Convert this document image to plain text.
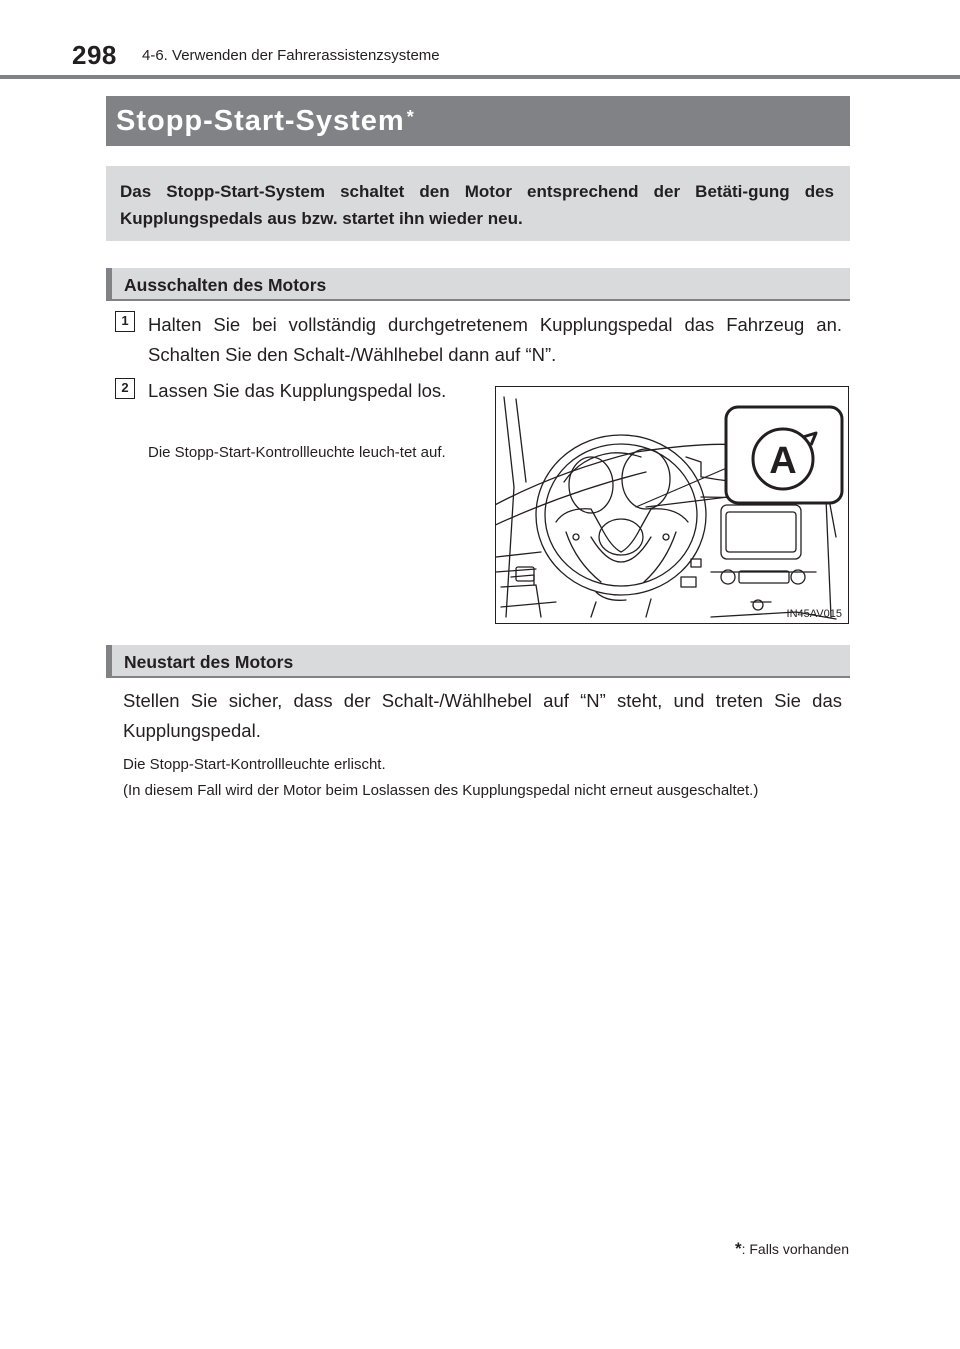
298 4-6. Verwenden der Fahrerassistenzsysteme
Stopp-Start-System *
Das Stopp-Start-System schaltet den Motor entsprechend der Betäti-gung des Kupplungspedals aus bzw. startet ihn wieder neu.
Ausschalten des Motors
1	Halten Sie bei vollständig durchgetretenem Kupplungspedal das Fahrzeug an. Schalten Sie den Schalt-/Wählhebel dann auf “N”.
2	Lassen Sie das Kupplungspedal los.
Die Stopp-Start-Kontrollleuchte leuch-tet auf.	A
IN45AV015
Neustart des Motors
Stellen Sie sicher, dass der Schalt-/Wählhebel auf “N” steht, und treten Sie das Kupplungspedal.
Die Stopp-Start-Kontrollleuchte erlischt.
(In diesem Fall wird der Motor beim Loslassen des Kupplungspedal nicht erneut ausgeschaltet.)
*: Falls vorhanden
